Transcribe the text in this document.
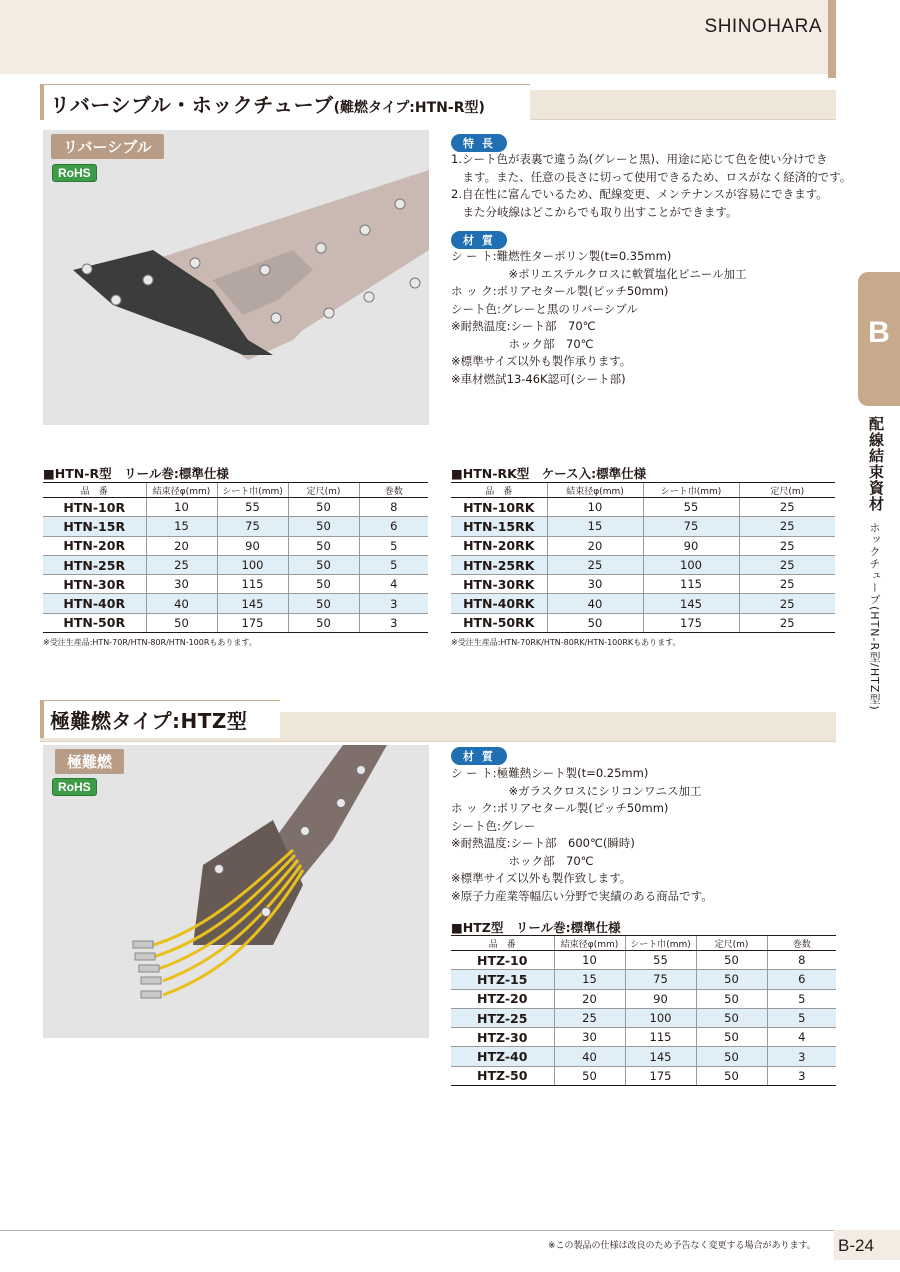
SHINOHARA
リバーシブル・ホックチューブ(難燃タイプ:HTN-R型)
リバーシブル
RoHS
特 長
1.シート色が表裏で違う為(グレーと黒)、用途に応じて色を使い分けでき
　ます。また、任意の長さに切って使用できるため、ロスがなく経済的です。
2.自在性に富んでいるため、配線変更、メンテナンスが容易にできます。
　また分岐線はどこからでも取り出すことができます。
材 質
シ ー ト:難燃性ターポリン製(t=0.35mm)
　　　　　※ポリエステルクロスに軟質塩化ビニール加工
ホ ッ ク:ポリアセタール製(ピッチ50mm)
シート色:グレーと黒のリバーシブル
※耐熱温度:シート部　70℃
　　　　　ホック部　70℃
※標準サイズ以外も製作承ります。
※車材燃試13-46K認可(シート部)
■HTN-R型　リール巻:標準仕様
品　番	結束径φ(mm)	シート巾(mm)	定尺(m)	巻数
HTN-10R	10	55	50	8
HTN-15R	15	75	50	6
HTN-20R	20	90	50	5
HTN-25R	25	100	50	5
HTN-30R	30	115	50	4
HTN-40R	40	145	50	3
HTN-50R	50	175	50	3
※受注生産品:HTN-70R/HTN-80R/HTN-100Rもあります。
■HTN-RK型　ケース入:標準仕様
品　番	結束径φ(mm)	シート巾(mm)	定尺(m)
HTN-10RK	10	55	25
HTN-15RK	15	75	25
HTN-20RK	20	90	25
HTN-25RK	25	100	25
HTN-30RK	30	115	25
HTN-40RK	40	145	25
HTN-50RK	50	175	25
※受注生産品:HTN-70RK/HTN-80RK/HTN-100RKもあります。
極難燃タイプ:HTZ型
極難燃
RoHS
材 質
シ ー ト:極難熱シート製(t=0.25mm)
　　　　　※ガラスクロスにシリコンワニス加工
ホ ッ ク:ポリアセタール製(ピッチ50mm)
シート色:グレー
※耐熱温度:シート部　600℃(瞬時)
　　　　　ホック部　70℃
※標準サイズ以外も製作致します。
※原子力産業等幅広い分野で実績のある商品です。
■HTZ型　リール巻:標準仕様
品　番	結束径φ(mm)	シート巾(mm)	定尺(m)	巻数
HTZ-10	10	55	50	8
HTZ-15	15	75	50	6
HTZ-20	20	90	50	5
HTZ-25	25	100	50	5
HTZ-30	30	115	50	4
HTZ-40	40	145	50	3
HTZ-50	50	175	50	3
B
配線結束資材
ホックチューブ(HTN-R型/HTZ型)
※この製品の仕様は改良のため予告なく変更する場合があります。 B-24
